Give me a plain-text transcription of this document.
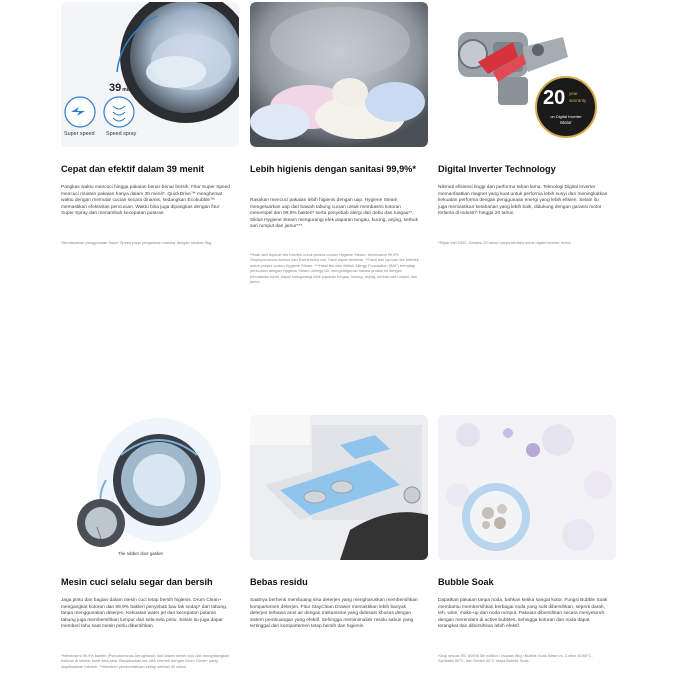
39min
Super speed Speed spray
Cepat dan efektif dalam 39 menit

Pangkas waktu mencuci hingga pakaian benar-benar bersih. Fitur Super Speed mencuci muatan pakaian hanya dalam 39 menit*. QuickDrive™ menghemat waktu dengan memutar cucian secara dinamis, sedangkan Ecobubble™ memastikan efektivitas pencucian. Waktu bisa juga dipangkas dengan fitur Super Spray dan menambah kecepatan putaran.

*Berdasarkan penggunaan Super Speed pada pengaturan standar dengan muatan 5kg.

Lebih higienis dengan sanitasi 99,9%*

Rasakan mencuci pakaian lebih higienis dengan uap. Hygiene Steam mengeluarkan uap dari bawah tabung cucian untuk membasmi kotoran menempel dan 99,9% bakteri* serta penyebab alergi dari debu dan tungau**. Siklus Hygiene Steam mengurangi efek paparan tungau, kucing, anjing, serbuk sari rumput dan jamur***.

*Hasil dari laporan tes Intertek untuk proses cucian Hygiene Steam. Membasmi 99,9% Staphylococcus aureus dan Escherichia coli. Hasil dapat berbeda. **Hasil dari laporan tes Intertek untuk proses cucian Hygiene Steam. ***Hasil tes oleh British Allergy Foundation (BAF) terhadap pencucian dengan Hygiene Steam. Allergy UK mengonfigurasi bahwa produk ini dengan pemakaian tepat, dapat mengurangi efek paparan tungau, kucing, anjing, serbuk sari rumput dan jamur.

20 year
warranty
on Digital Inverter
Motor
Digital Inverter Technology

Nikmati efisiensi tinggi dan performa tahan lama. Teknologi Digital Inverter memanfaatkan magnet yang kuat untuk performa lebih sunyi dan meningkatkan kekuatan performa dengan penggunaan energi yang lebih efisien. Selain itu juga memastikan ketahanan yang lebih baik, didukung dengan garansi motor terlama di industri* hingga 20 tahun.

*Sejak Mei 2022. Garansi 20 tahun hanya berlaku untuk digital inverter motor.

The rubber door gasket
Mesin cuci selalu segar dan bersih

Jaga pintu dan bagian dalam mesin cuci tetap bersih higienis. Drum Clean+ mengangkat kotoran dan 99,9% bakteri penyebab bau tak sedap* dari tabung, tanpa menggunakan deterjen. Kekuatan water jet dan kecepatan putaran tabung juga membersihkan lumpur dari sela-sela pintu. Selain itu juga dapat memberi tahu saat mesin perlu dibersihkan.

*Membasmi 99,9% bakteri (Pseudomonas Aeruginosa) dari dalam mesin cuci dan menghilangkan kotoran di sekitar karet sela-sela. Berdasarkan tes oleh Intertek dengan Drum Clean+ yang diaplikasikan Intertek. **Memberi pemberitahuan setiap setelah 40 siklus.

Bebas residu

Saatnya berhenti membuang sisa deterjen yang mengharuskan membersihkan kompartemen deterjen. Fitur StayClean Drawer memastikan lebih banyak deterjen terbawa arus air dengan mekanisme yang didesain khusus dengan sistem pembuangan yang efektif. Sehingga meminimalisir residu sabun yang tertinggal dan kompartemen tetap bersih dan higienis.

Bubble Soak

Dapatkan pakaian tanpa noda, bahkan ketika sangat kotor. Fungsi Bubble Soak membantu membersihkan berbagai noda yang sulit dibersihkan, seperti darah, teh, wine, make-up dan noda rumput. Pakaian dibersihkan secara menyeluruh dengan merendam di active bubbles, sehingga kotoran dan noda dapat terangkat dan dibersihkan lebih efektif.

*Diuji sesuai IEC 60456 5th edition / muatan 8kg / Bubble Soak Wash vs. Cotton 40/60°C, Synthetic 60°C, dan Denim 40°C tanpa Bubble Soak.
